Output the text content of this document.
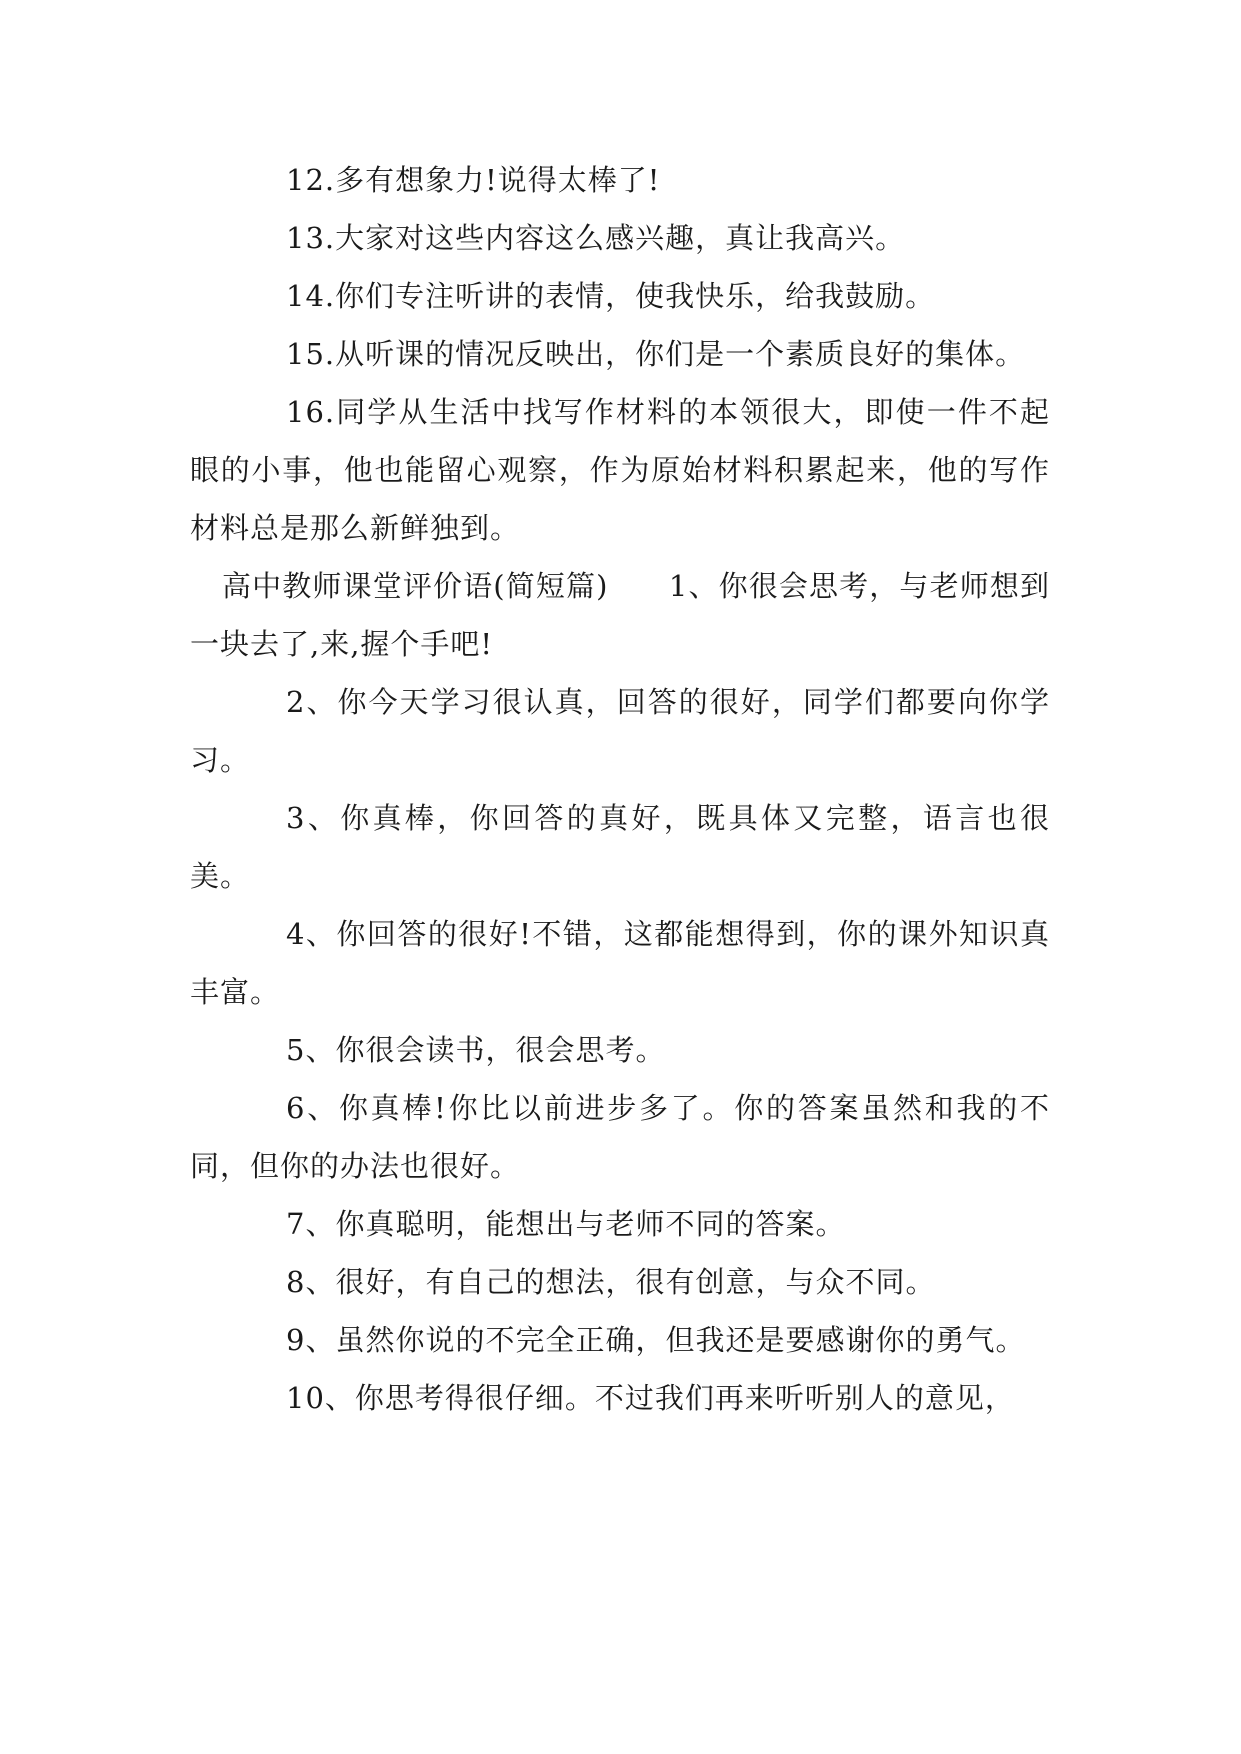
12.多有想象力!说得太棒了!

13.大家对这些内容这么感兴趣，真让我高兴。

14.你们专注听讲的表情，使我快乐，给我鼓励。

15.从听课的情况反映出，你们是一个素质良好的集体。

16.同学从生活中找写作材料的本领很大，即使一件不起眼的小事，他也能留心观察，作为原始材料积累起来，他的写作材料总是那么新鲜独到。

高中教师课堂评价语(简短篇)　　1、你很会思考，与老师想到一块去了,来,握个手吧!

2、你今天学习很认真，回答的很好，同学们都要向你学习。

3、你真棒，你回答的真好，既具体又完整，语言也很美。

4、你回答的很好!不错，这都能想得到，你的课外知识真丰富。

5、你很会读书，很会思考。

6、你真棒!你比以前进步多了。你的答案虽然和我的不同，但你的办法也很好。

7、你真聪明，能想出与老师不同的答案。

8、很好，有自己的想法，很有创意，与众不同。

9、虽然你说的不完全正确，但我还是要感谢你的勇气。

10、你思考得很仔细。不过我们再来听听别人的意见，
